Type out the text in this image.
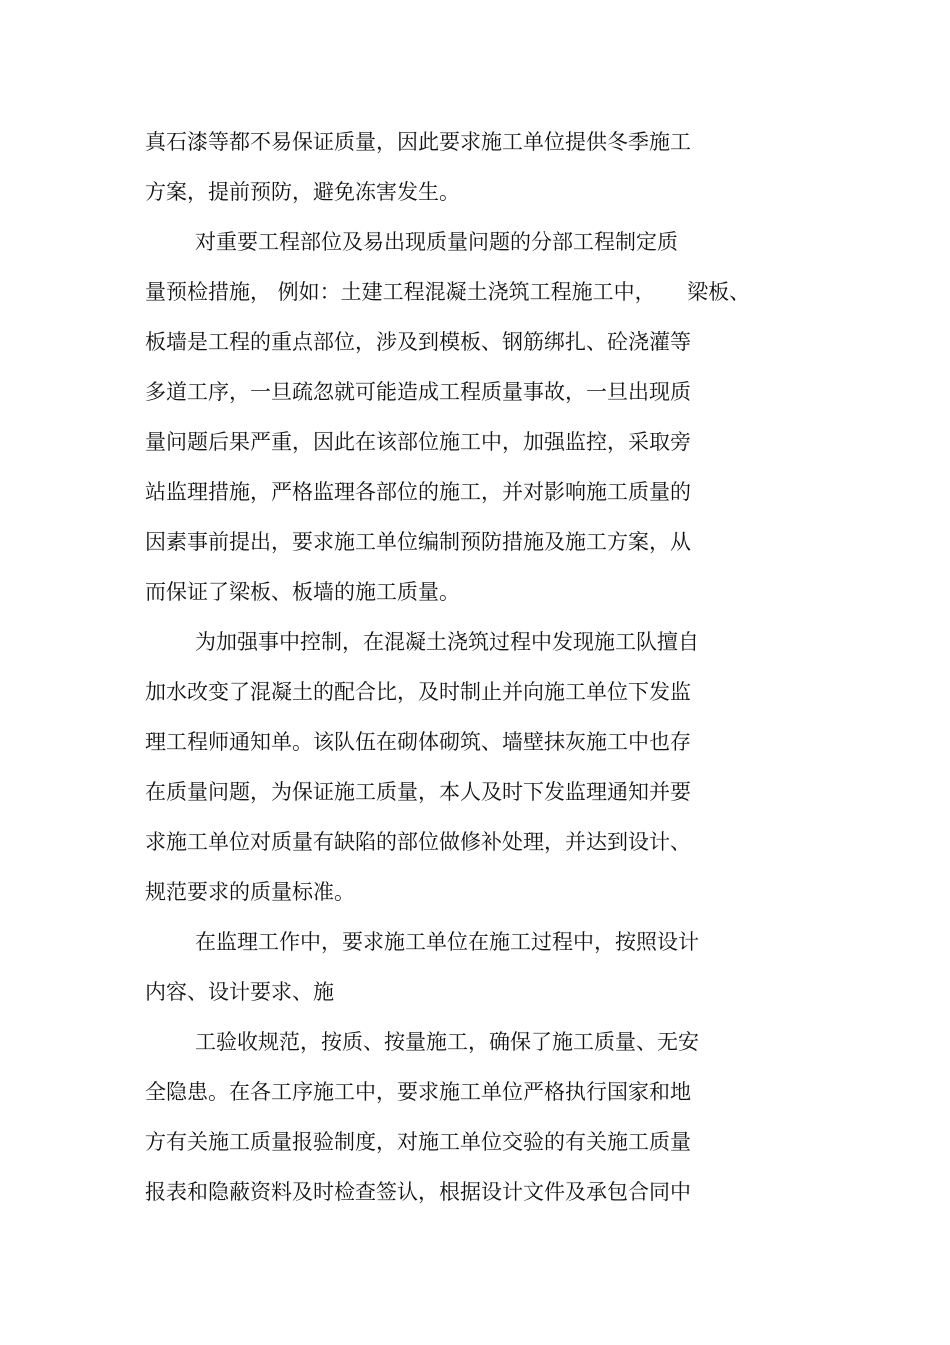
真石漆等都不易保证质量，因此要求施工单位提供冬季施工
方案，提前预防，避免冻害发生。
对重要工程部位及易出现质量问题的分部工程制定质
量预检措施， 例如：土建工程混凝土浇筑工程施工中，　　梁板、
板墙是工程的重点部位，涉及到模板、钢筋绑扎、砼浇灌等
多道工序，一旦疏忽就可能造成工程质量事故，一旦出现质
量问题后果严重，因此在该部位施工中，加强监控，采取旁
站监理措施，严格监理各部位的施工，并对影响施工质量的
因素事前提出，要求施工单位编制预防措施及施工方案，从
而保证了梁板、板墙的施工质量。
为加强事中控制，在混凝土浇筑过程中发现施工队擅自
加水改变了混凝土的配合比，及时制止并向施工单位下发监
理工程师通知单。该队伍在砌体砌筑、墙壁抹灰施工中也存
在质量问题，为保证施工质量，本人及时下发监理通知并要
求施工单位对质量有缺陷的部位做修补处理，并达到设计、
规范要求的质量标准。
在监理工作中，要求施工单位在施工过程中，按照设计
内容、设计要求、施
工验收规范，按质、按量施工，确保了施工质量、无安
全隐患。在各工序施工中，要求施工单位严格执行国家和地
方有关施工质量报验制度，对施工单位交验的有关施工质量
报表和隐蔽资料及时检查签认，根据设计文件及承包合同中
